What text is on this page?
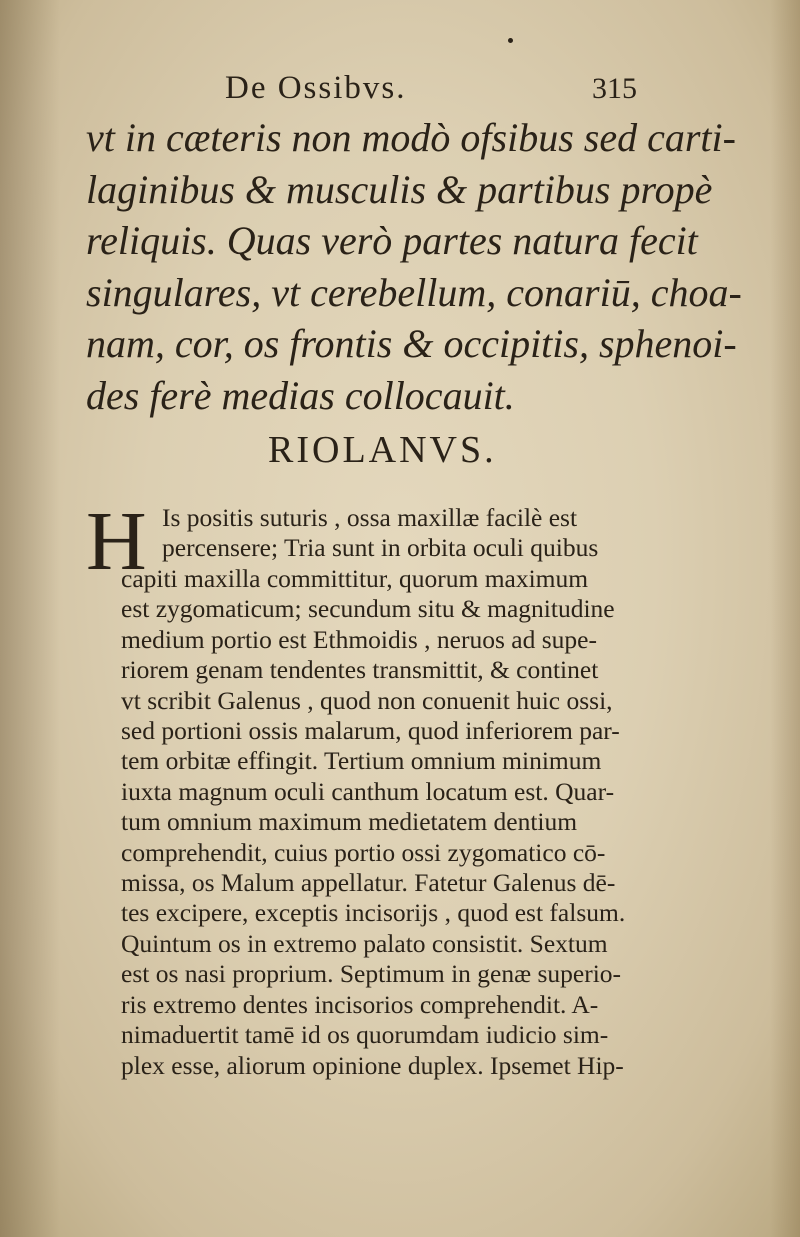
De Ossibvs.	315
vt in cæteris non modò ofsibus sed carti-
laginibus & musculis & partibus propè
reliquis. Quas verò partes natura fecit
singulares, vt cerebellum, conariū, choa-
nam, cor, os frontis & occipitis, sphenoi-
des ferè medias collocauit.
RIOLANVS.
H Is positis suturis , ossa maxillæ facilè est
percensere; Tria sunt in orbita oculi quibus
capiti maxilla committitur, quorum maximum
est zygomaticum; secundum situ & magnitudine
medium portio est Ethmoidis , neruos ad supe-
riorem genam tendentes transmittit, & continet
vt scribit Galenus , quod non conuenit huic ossi,
sed portioni ossis malarum, quod inferiorem par-
tem orbitæ effingit. Tertium omnium minimum
iuxta magnum oculi canthum locatum est. Quar-
tum omnium maximum medietatem dentium
comprehendit, cuius portio ossi zygomatico cō-
missa, os Malum appellatur. Fatetur Galenus dē-
tes excipere, exceptis incisorijs , quod est falsum.
Quintum os in extremo palato consistit. Sextum
est os nasi proprium. Septimum in genæ superio-
ris extremo dentes incisorios comprehendit. A-
nimaduertit tamē id os quorumdam iudicio sim-
plex esse, aliorum opinione duplex. Ipsemet Hip-
